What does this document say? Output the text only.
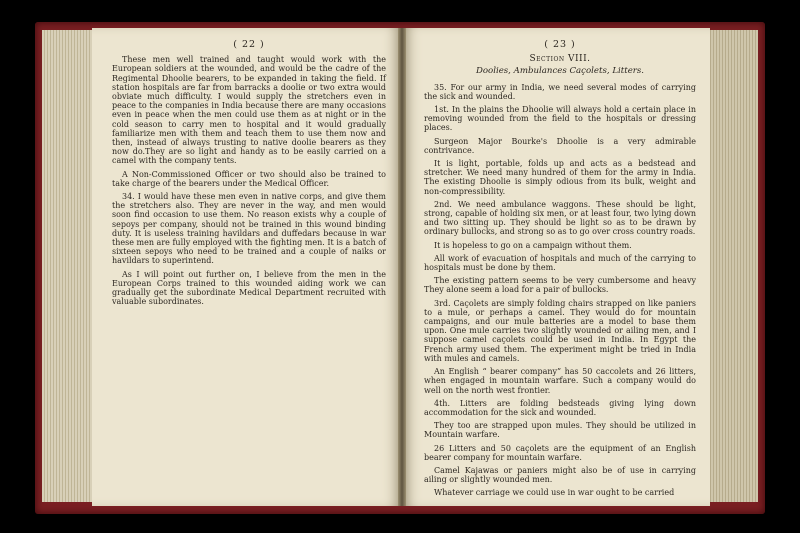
( 22 )

These men well trained and taught would work with the European soldiers at the wounded, and would be the cadre of the Regimental Dhoolie bearers, to be expanded in taking the field. If station hospitals are far from barracks a doolie or two extra would obviate much difficulty. I would supply the stretchers even in peace to the companies in India because there are many occasions even in peace when the men could use them as at night or in the cold season to carry men to hospital and it would gradually familiarize men with them and teach them to use them now and then, instead of always trusting to native doolie bearers as they now do.They are so light and handy as to be easily carried on a camel with the company tents.

A Non-Commissioned Officer or two should also be trained to take charge of the bearers under the Medical Officer.

34. I would have these men even in native corps, and give them the stretchers also. They are never in the way, and men would soon find occasion to use them. No reason exists why a couple of sepoys per company, should not be trained in this wound binding duty. It is useless training havildars and duffedars because in war these men are fully employed with the fighting men. It is a batch of sixteen sepoys who need to be trained and a couple of naiks or havildars to superintend.

As I will point out further on, I believe from the men in the European Corps trained to this wounded aiding work we can gradually get the subordinate Medical Department recruited with valuable subordinates.

( 23 )
Section VIII.
Doolies, Ambulances Caçolets, Litters.

35. For our army in India, we need several modes of carrying the sick and wounded.

1st. In the plains the Dhoolie will always hold a certain place in removing wounded from the field to the hospitals or dressing places.

Surgeon Major Bourke's Dhoolie is a very admirable contrivance.

It is light, portable, folds up and acts as a bedstead and stretcher. We need many hundred of them for the army in India. The existing Dhoolie is simply odious from its bulk, weight and non-compressibility.

2nd. We need ambulance waggons. These should be light, strong, capable of holding six men, or at least four, two lying down and two sitting up. They should be light so as to be drawn by ordinary bullocks, and strong so as to go over cross country roads.

It is hopeless to go on a campaign without them.

All work of evacuation of hospitals and much of the carrying to hospitals must be done by them.

The existing pattern seems to be very cumbersome and heavy They alone seem a load for a pair of bullocks.

3rd. Caçolets are simply folding chairs strapped on like paniers to a mule, or perhaps a camel. They would do for mountain campaigns, and our mule batteries are a model to base them upon. One mule carries two slightly wounded or ailing men, and I suppose camel caçolets could be used in India. In Egypt the French army used them. The experiment might be tried in India with mules and camels.

An English “ bearer company” has 50 caccolets and 26 litters, when engaged in mountain warfare. Such a company would do well on the north west frontier.

4th. Litters are folding bedsteads giving lying down accommodation for the sick and wounded.

They too are strapped upon mules. They should be utilized in Mountain warfare.

26 Litters and 50 caçolets are the equipment of an English bearer company for mountain warfare.

Camel Kajawas or paniers might also be of use in carrying ailing or slightly wounded men.

Whatever carriage we could use in war ought to be carried
